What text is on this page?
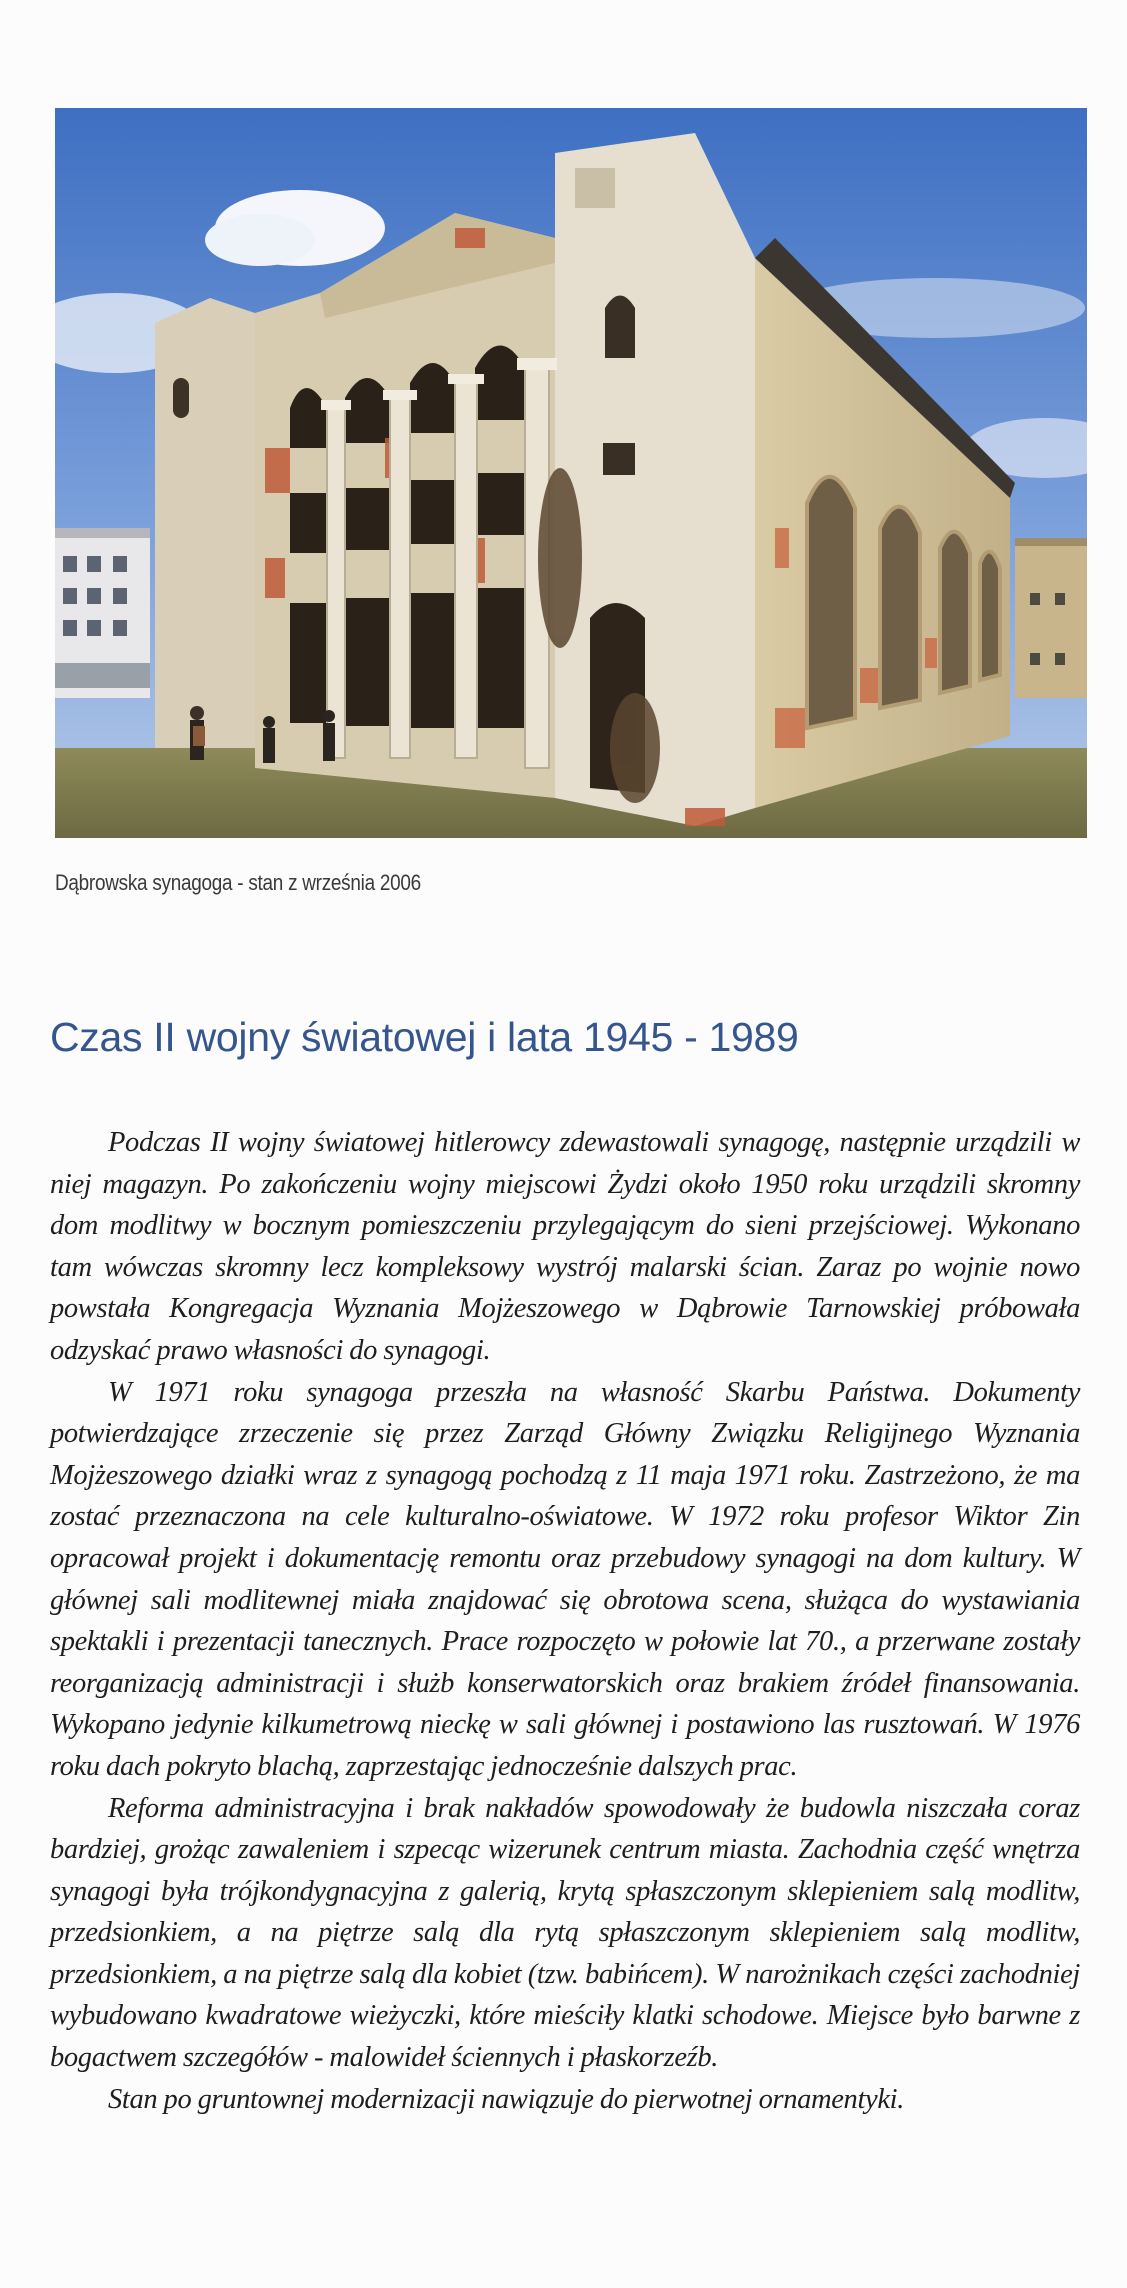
Dąbrowska synagoga - stan z września 2006
Czas II wojny światowej i lata 1945 - 1989

Podczas II wojny światowej hitlerowcy zdewastowali synagogę, następnie urządzili w niej magazyn. Po zakończeniu wojny miejscowi Żydzi około 1950 roku urządzili skromny dom modlitwy w bocznym pomieszczeniu przylegającym do sieni przejściowej. Wykonano tam wówczas skromny lecz kompleksowy wystrój malarski ścian. Zaraz po wojnie nowo powstała Kongregacja Wyznania Mojżeszowego w Dąbrowie Tarnowskiej próbowała odzyskać prawo własności do synagogi.

W 1971 roku synagoga przeszła na własność Skarbu Państwa. Dokumenty potwierdzające zrzeczenie się przez Zarząd Główny Związku Religijnego Wyznania Mojżeszowego działki wraz z synagogą pochodzą z 11 maja 1971 roku. Zastrzeżono, że ma zostać przeznaczona na cele kulturalno-oświatowe. W 1972 roku profesor Wiktor Zin opracował projekt i dokumentację remontu oraz przebudowy synagogi na dom kultury. W głównej sali modlitewnej miała znajdować się obrotowa scena, służąca do wystawiania spektakli i prezentacji tanecznych. Prace rozpoczęto w połowie lat 70., a przerwane zostały reorganizacją administracji i służb konserwatorskich oraz brakiem źródeł finansowania. Wykopano jedynie kilkumetrową nieckę w sali głównej i postawiono las rusztowań. W 1976 roku dach pokryto blachą, zaprzestając jednocześnie dalszych prac.

Reforma administracyjna i brak nakładów spowodowały że budowla niszczała coraz bardziej, grożąc zawaleniem i szpecąc wizerunek centrum miasta. Zachodnia część wnętrza synagogi była trójkondygnacyjna z galerią, krytą spłaszczonym sklepieniem salą modlitw, przedsionkiem, a na piętrze salą dla rytą spłaszczonym sklepieniem salą modlitw, przedsionkiem, a na piętrze salą dla kobiet (tzw. babińcem). W narożnikach części zachodniej wybudowano kwadratowe wieżyczki, które mieściły klatki schodowe. Miejsce było barwne z bogactwem szczegółów - malowideł ściennych i płaskorzeźb.

Stan po gruntownej modernizacji nawiązuje do pierwotnej ornamentyki.
